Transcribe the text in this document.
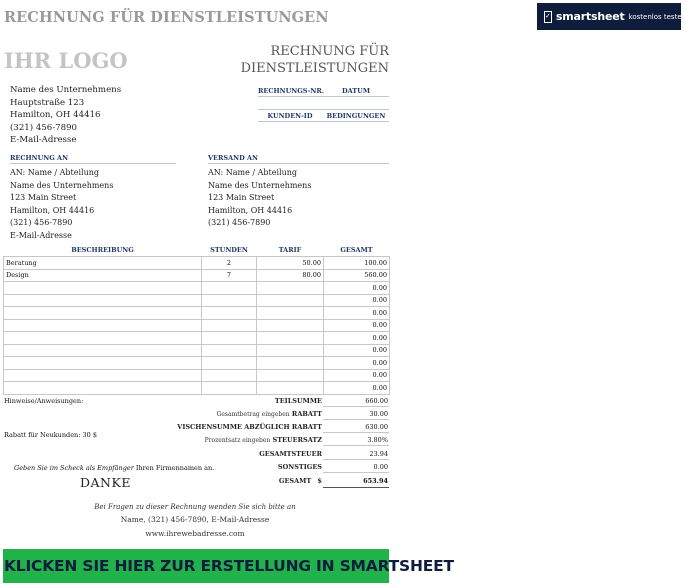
RECHNUNG FÜR DIENSTLEISTUNGEN	✓ smartsheet kostenlos testen
IHR LOGO	RECHNUNG FÜR
DIENSTLEISTUNGEN
RECHNUNGS-NR.	DATUM
KUNDEN-ID	BEDINGUNGEN
Name des Unternehmens
Hauptstraße 123
Hamilton, OH 44416
(321) 456-7890
E-Mail-Adresse
RECHNUNG AN
AN: Name / Abteilung
Name des Unternehmens
123 Main Street
Hamilton, OH 44416
(321) 456-7890
E-Mail-Adresse
VERSAND AN
AN: Name / Abteilung
Name des Unternehmens
123 Main Street
Hamilton, OH 44416
(321) 456-7890
BESCHREIBUNG	STUNDEN	TARIF	GESAMT
Beratung	2	50.00	100.00
Design	7	80.00	560.00
			0.00
			0.00
			0.00
			0.00
			0.00
			0.00
			0.00
			0.00
			0.00
Hinweise/Anweisungen:
Rabatt für Neukunden: 30 $
Geben Sie im Scheck als Empfänger Ihren Firmennamen an.
DANKE
TEILSUMME	660.00
Gesamtbetrag eingeben RABATT	30.00
VISCHENSUMME ABZÜGLICH RABATT	630.00
Prozentsatz eingeben STEUERSATZ	3.80%
GESAMTSTEUER	23.94
SONSTIGES	0.00
GESAMT $	653.94
Bei Fragen zu dieser Rechnung wenden Sie sich bitte an
Name, (321) 456-7890, E-Mail-Adresse
www.ihrewebadresse.com
KLICKEN SIE HIER ZUR ERSTELLUNG IN SMARTSHEET
